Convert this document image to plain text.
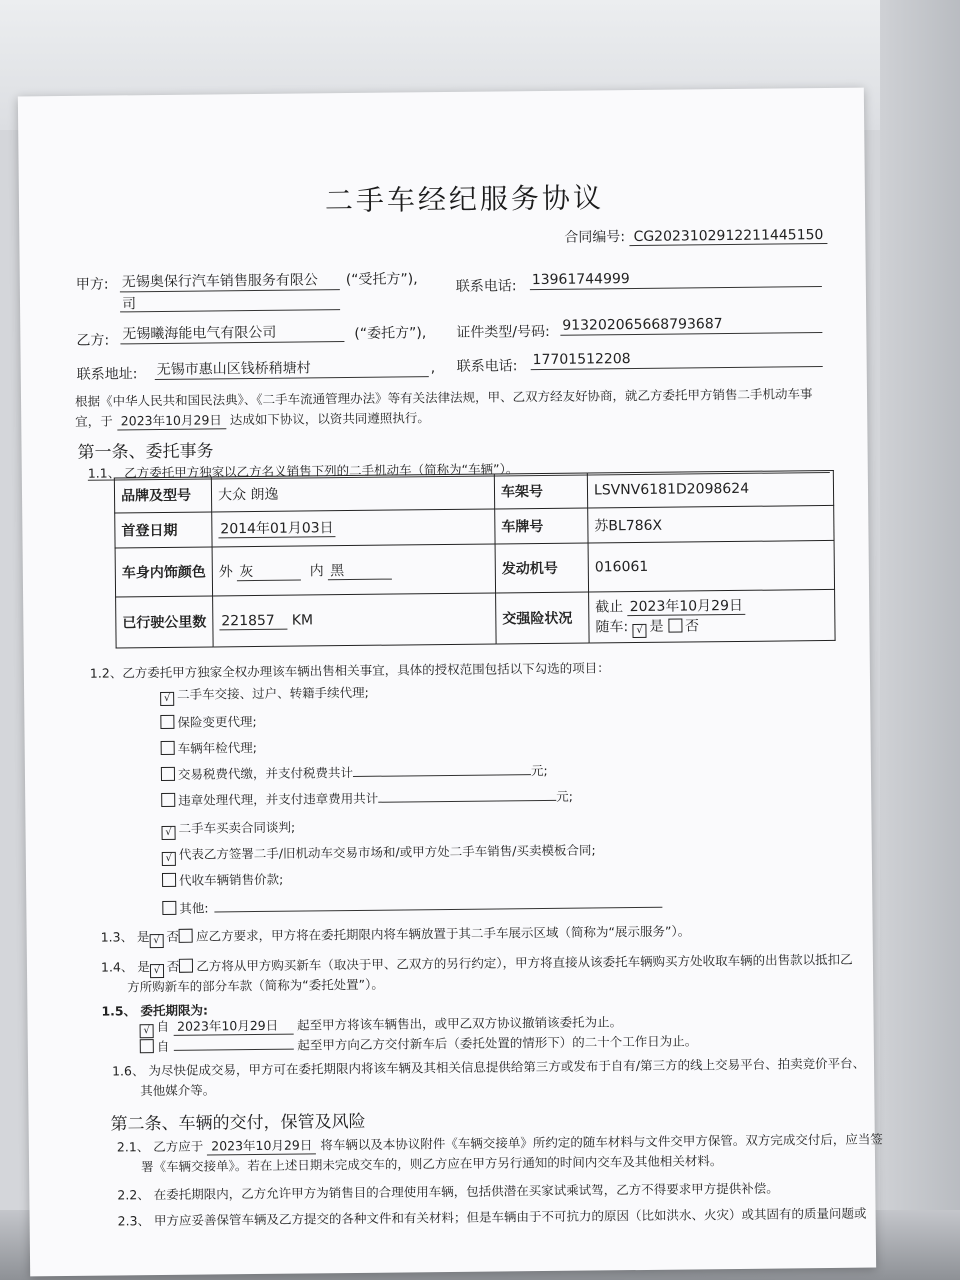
二手车经纪服务协议
合同编号: CG2023102912211445150
甲方: 无锡奥保行汽车销售服务有限公
司
(“受托方”),	联系电话: 13961744999
乙方: 无锡曦海能电气有限公司	(“委托方”), 证件类型/号码: 913202065668793687
联系地址: 无锡市惠山区钱桥稍塘村	, 联系电话: 17701512208
根据《中华人民共和国民法典》、《二手车流通管理办法》等有关法律法规，甲、乙双方经友好协商，就乙方委托甲方销售二手机动车事
宜，于 2023年10月29日 达成如下协议，以资共同遵照执行。
第一条、委托事务
1.1、 乙方委托甲方独家以乙方名义销售下列的二手机动车（简称为“车辆”）。
品牌及型号	大众 朗逸	车架号	LSVNV6181D2098624
首登日期	2014年01月03日	车牌号	苏BL786X
车身内饰颜色	外 灰 内 黑	发动机号	016061
已行驶公里数	221857 KM	交强险状况	截止 2023年10月29日
随车: √ 是 否
1.2、乙方委托甲方独家全权办理该车辆出售相关事宜，具体的授权范围包括以下勾选的项目：
√ 二手车交接、过户、转籍手续代理;
保险变更代理;
车辆年检代理;
交易税费代缴，并支付税费共计	元;
违章处理代理，并支付违章费用共计	元;
√ 二手车买卖合同谈判;
√ 代表乙方签署二手/旧机动车交易市场和/或甲方处二手车销售/买卖模板合同;
代收车辆销售价款;
其他:
1.3、 是 √ 否 应乙方要求，甲方将在委托期限内将车辆放置于其二手车展示区域（简称为“展示服务”）。
1.4、 是 √ 否 乙方将从甲方购买新车（取决于甲、乙双方的另行约定），甲方将直接从该委托车辆购买方处收取车辆的出售款以抵扣乙
方所购新车的部分车款（简称为“委托处置”）。
1.5、 委托期限为:
√ 自 2023年10月29日 起至甲方将该车辆售出，或甲乙双方协议撤销该委托为止。
自	起至甲方向乙方交付新车后（委托处置的情形下）的二十个工作日为止。
1.6、 为尽快促成交易，甲方可在委托期限内将该车辆及其相关信息提供给第三方或发布于自有/第三方的线上交易平台、拍卖竞价平台、
其他媒介等。
第二条、车辆的交付，保管及风险
2.1、 乙方应于 2023年10月29日 将车辆以及本协议附件《车辆交接单》所约定的随车材料与文件交甲方保管。双方完成交付后，应当签
署《车辆交接单》。若在上述日期未完成交车的，则乙方应在甲方另行通知的时间内交车及其他相关材料。
2.2、 在委托期限内，乙方允许甲方为销售目的合理使用车辆，包括供潜在买家试乘试驾，乙方不得要求甲方提供补偿。
2.3、 甲方应妥善保管车辆及乙方提交的各种文件和有关材料；但是车辆由于不可抗力的原因（比如洪水、火灾）或其固有的质量问题或
